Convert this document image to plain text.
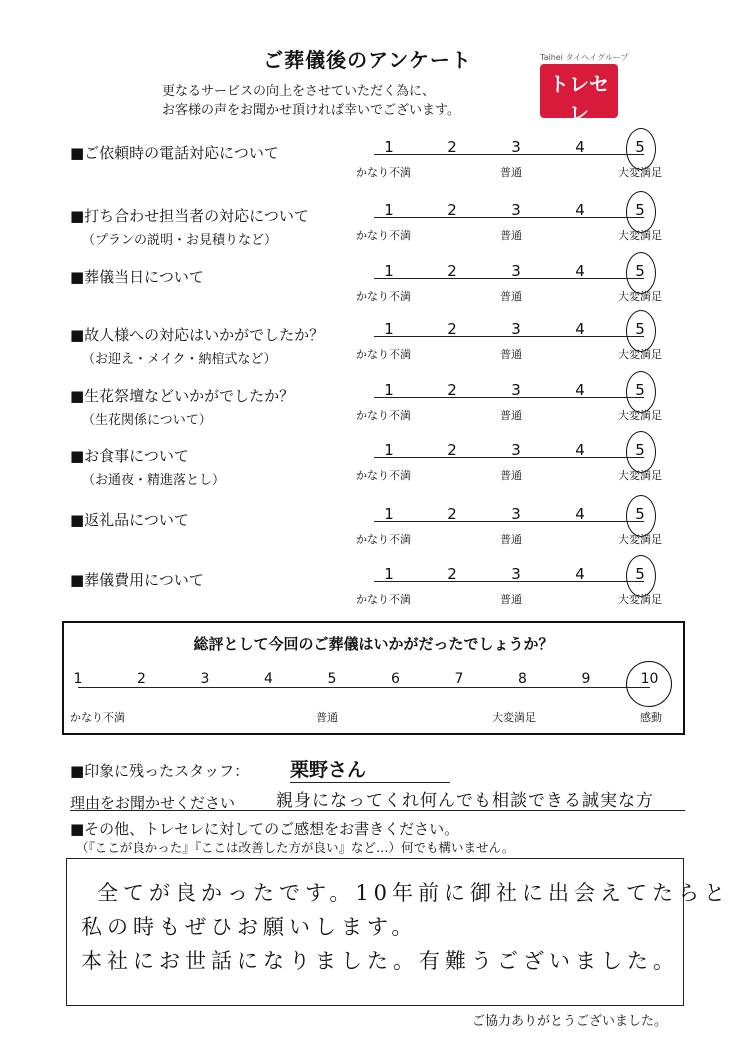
ご葬儀後のアンケート
更なるサービスの向上をさせていただく為に、
お客様の声をお聞かせ頂ければ幸いでございます。
Taihei タイヘイグループ
トレセレ
安心葬儀
■ご依頼時の電話対応について	1	2	3	4	5
かなり不満	普通	大変満足
■打ち合わせ担当者の対応について
（プランの説明・お見積りなど）
1	2	3	4	5
かなり不満	普通	大変満足
■葬儀当日について	1	2	3	4	5
かなり不満	普通	大変満足
■故人様への対応はいかがでしたか？
（お迎え・メイク・納棺式など）
1	2	3	4	5
かなり不満	普通	大変満足
■生花祭壇などいかがでしたか？
（生花関係について）
1	2	3	4	5
かなり不満	普通	大変満足
■お食事について
（お通夜・精進落とし）
1	2	3	4	5
かなり不満	普通	大変満足
■返礼品について	1	2	3	4	5
かなり不満	普通	大変満足
■葬儀費用について	1	2	3	4	5
かなり不満	普通	大変満足
総評として今回のご葬儀はいかがだったでしょうか？
かなり不満	普通	大変満足	感動
1	2	3	4	5	6	7	8	9	10
■印象に残ったスタッフ： 栗野さん
理由をお聞かせください 親身になってくれ何んでも相談できる誠実な方
■その他、トレセレに対してのご感想をお書きください。
（『ここが良かった』『ここは改善した方が良い』など…）何でも構いません。
全てが良かったです。10年前に御社に出会えてたらと
私の時もぜひお願いします。
本社にお世話になりました。有難うございました。
ご協力ありがとうございました。
